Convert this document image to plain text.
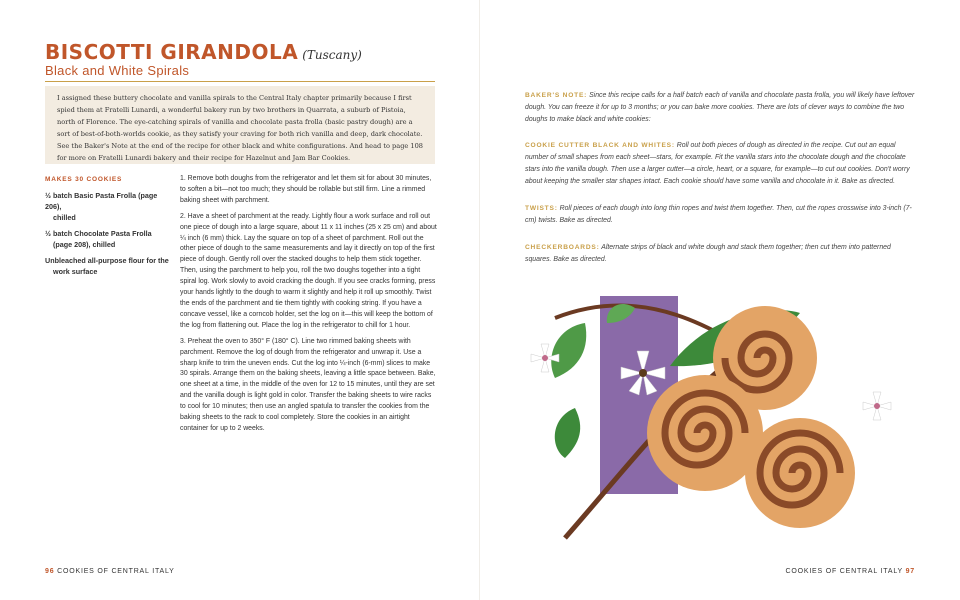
BISCOTTI GIRANDOLA (Tuscany)
Black and White Spirals
I assigned these buttery chocolate and vanilla spirals to the Central Italy chapter primarily because I first spied them at Fratelli Lunardi, a wonderful bakery run by two brothers in Quarrata, a suburb of Pistoia, north of Florence. The eye-catching spirals of vanilla and chocolate pasta frolla (basic pastry dough) are a sort of best-of-both-worlds cookie, as they satisfy your craving for both rich vanilla and deep, dark chocolate. See the Baker's Note at the end of the recipe for other black and white configurations. And head to page 108 for more on Fratelli Lunardi bakery and their recipe for Hazelnut and Jam Bar Cookies.
MAKES 30 COOKIES
½ batch Basic Pasta Frolla (page 206),
chilled
½ batch Chocolate Pasta Frolla
(page 208), chilled
Unbleached all-purpose flour for the
work surface

1. Remove both doughs from the refrigerator and let them sit for about 30 minutes, to soften a bit—not too much; they should be rollable but still firm. Line a rimmed baking sheet with parchment.

2. Have a sheet of parchment at the ready. Lightly flour a work surface and roll out one piece of dough into a large square, about 11 x 11 inches (25 x 25 cm) and about ¼ inch (6 mm) thick. Lay the square on top of a sheet of parchment. Roll out the other piece of dough to the same measurements and lay it directly on top of the first piece of dough. Gently roll over the stacked doughs to help them stick together. Then, using the parchment to help you, roll the two doughs together into a tight spiral log. Work slowly to avoid cracking the dough. If you see cracks forming, press your hands lightly to the dough to warm it slightly and help it roll up smoothly. Twist the ends of the parchment and tie them tightly with cooking string. If you have a concave vessel, like a corncob holder, set the log on it—this will keep the bottom of the log from flattening out. Place the log in the refrigerator to chill for 1 hour.

3. Preheat the oven to 350° F (180° C). Line two rimmed baking sheets with parchment. Remove the log of dough from the refrigerator and unwrap it. Use a sharp knife to trim the uneven ends. Cut the log into ¼-inch (6-mm) slices to make 30 spirals. Arrange them on the baking sheets, leaving a little space between. Bake, one sheet at a time, in the middle of the oven for 12 to 15 minutes, until they are set and the vanilla dough is light gold in color. Transfer the baking sheets to wire racks to cool for 10 minutes; then use an angled spatula to transfer the cookies from the baking sheets to the rack to cool completely. Store the cookies in an airtight container for up to 2 weeks.

96 COOKIES OF CENTRAL ITALY
BAKER'S NOTE: Since this recipe calls for a half batch each of vanilla and chocolate pasta frolla, you will likely have leftover dough. You can freeze it for up to 3 months; or you can bake more cookies. There are lots of clever ways to combine the two doughs to make black and white cookies:
COOKIE CUTTER BLACK AND WHITES: Roll out both pieces of dough as directed in the recipe. Cut out an equal number of small shapes from each sheet—stars, for example. Fit the vanilla stars into the chocolate dough and the chocolate stars into the vanilla dough. Then use a larger cutter—a circle, heart, or a square, for example—to cut out cookies. Don't worry about keeping the smaller star shapes intact. Each cookie should have some vanilla and chocolate in it. Bake as directed.
TWISTS: Roll pieces of each dough into long thin ropes and twist them together. Then, cut the ropes crosswise into 3-inch (7-cm) twists. Bake as directed.
CHECKERBOARDS: Alternate strips of black and white dough and stack them together; then cut them into patterned squares. Bake as directed.
COOKIES OF CENTRAL ITALY 97
